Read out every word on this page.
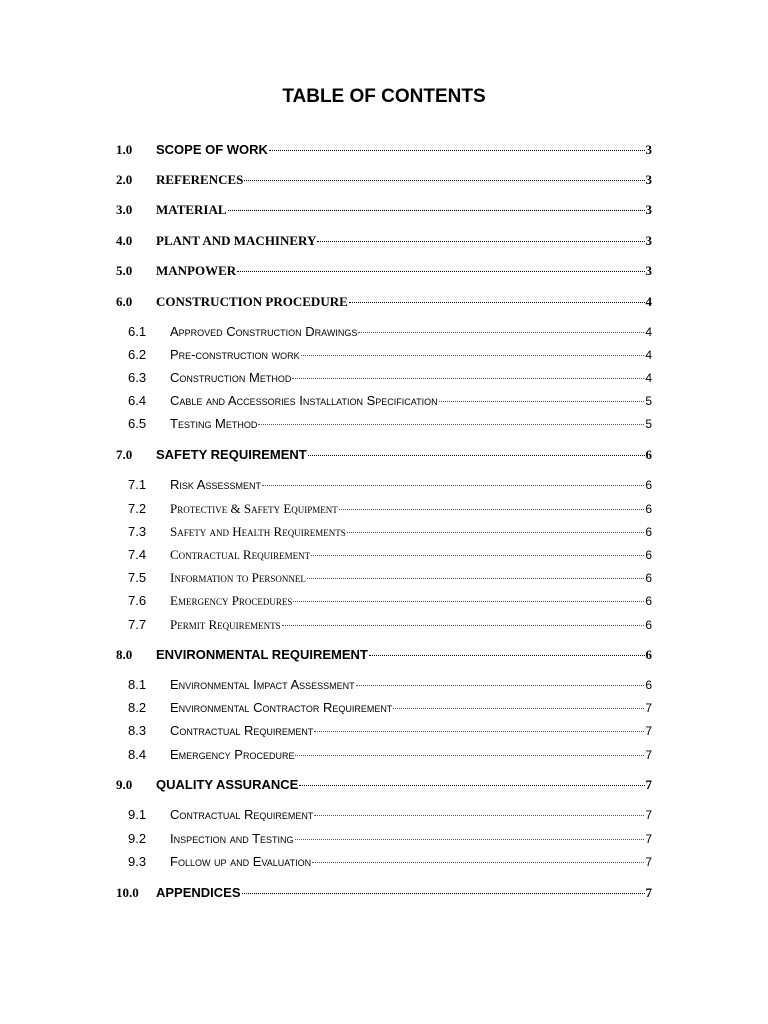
TABLE OF CONTENTS
1.0	SCOPE OF WORK	3
2.0	REFERENCES	3
3.0	MATERIAL	3
4.0	PLANT AND MACHINERY	3
5.0	MANPOWER	3
6.0	CONSTRUCTION PROCEDURE	4
6.1	Approved Construction Drawings	4
6.2	Pre-construction work	4
6.3	Construction Method	4
6.4	Cable and Accessories Installation Specification	5
6.5	Testing Method	5
7.0	SAFETY REQUIREMENT	6
7.1	Risk Assessment	6
7.2	Protective & Safety Equipment	6
7.3	Safety and Health Requirements	6
7.4	Contractual Requirement	6
7.5	Information to Personnel	6
7.6	Emergency Procedures	6
7.7	Permit Requirements	6
8.0	ENVIRONMENTAL REQUIREMENT	6
8.1	Environmental Impact Assessment	6
8.2	Environmental Contractor Requirement	7
8.3	Contractual Requirement	7
8.4	Emergency Procedure	7
9.0	QUALITY ASSURANCE	7
9.1	Contractual Requirement	7
9.2	Inspection and Testing	7
9.3	Follow up and Evaluation	7
10.0	APPENDICES	7
